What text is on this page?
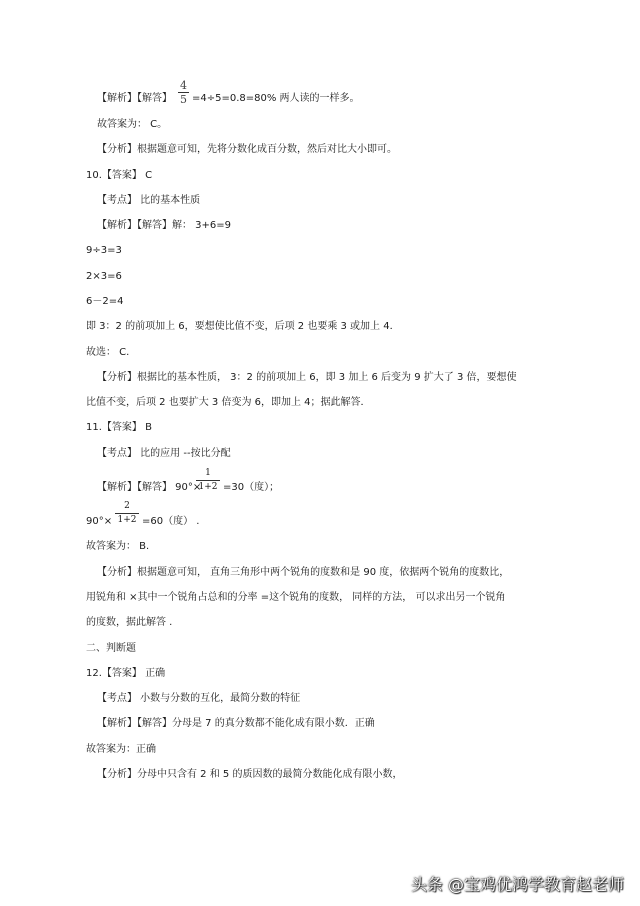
【解析】【解答】
4
5 =4÷5=0.8=80% 两人读的一样多。
故答案为： C。
【分析】根据题意可知，先将分数化成百分数，然后对比大小即可。
10.【答案】 C
【考点】 比的基本性质
【解析】【解答】解： 3+6=9
9÷3=3
2×3=6
6－2=4
即 3：2 的前项加上 6，要想使比值不变，后项 2 也要乘 3 或加上 4．
故选： C.
【分析】根据比的基本性质， 3：2 的前项加上 6，即 3 加上 6 后变为 9 扩大了 3 倍，要想使
比值不变，后项 2 也要扩大 3 倍变为 6，即加上 4；据此解答．
11.【答案】 B
【考点】 比的应用 --按比分配
【解析】【解答】 90°×
1
1+2 =30（度）；
90°×
2
1+2 =60（度） .
故答案为： B.
【分析】根据题意可知， 直角三角形中两个锐角的度数和是 90 度，依据两个锐角的度数比，
用锐角和 ×其中一个锐角占总和的分率 =这个锐角的度数， 同样的方法， 可以求出另一个锐角
的度数，据此解答 .
二、判断题
12.【答案】 正确
【考点】 小数与分数的互化，最简分数的特征
【解析】【解答】分母是 7 的真分数都不能化成有限小数．正确
故答案为：正确
【分析】分母中只含有 2 和 5 的质因数的最简分数能化成有限小数，
头条 @宝鸡优鸿学教育赵老师
